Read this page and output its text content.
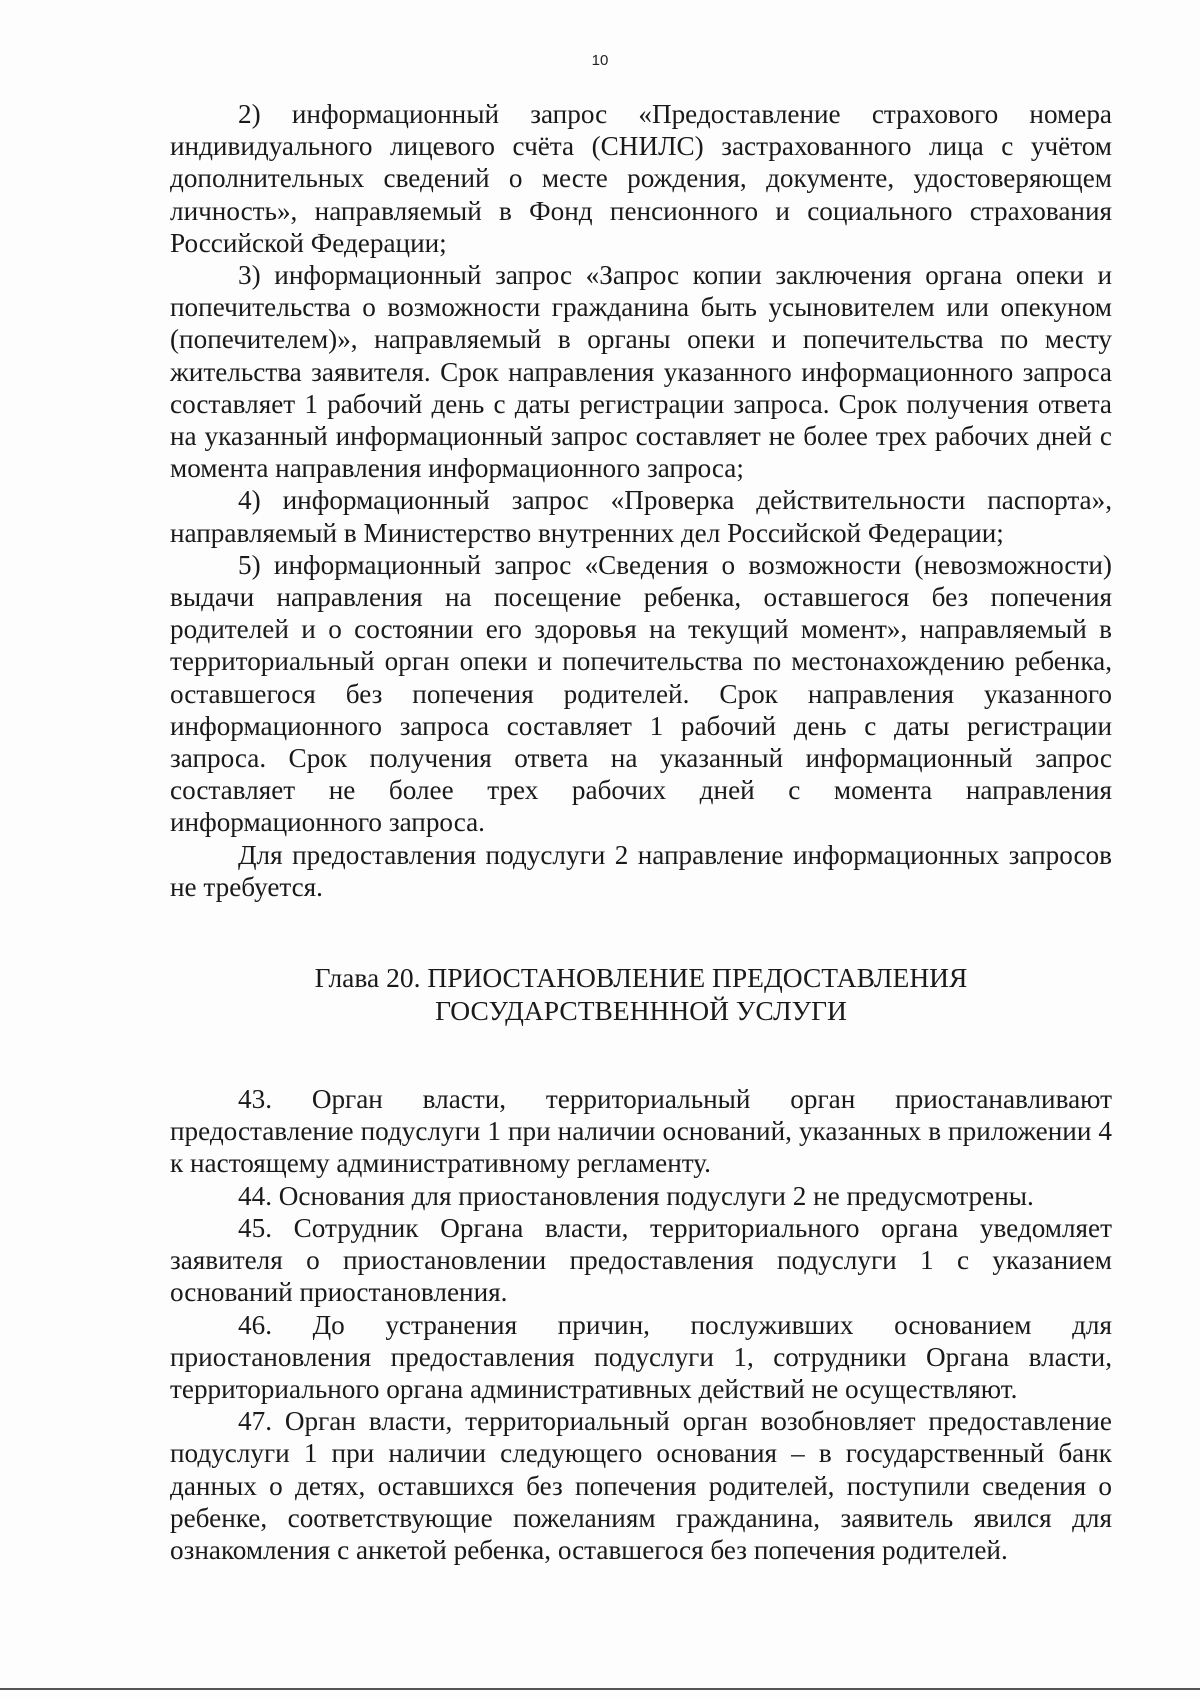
10

2) информационный запрос «Предоставление страхового номера индивидуального лицевого счёта (СНИЛС) застрахованного лица с учётом дополнительных сведений о месте рождения, документе, удостоверяющем личность», направляемый в Фонд пенсионного и социального страхования Российской Федерации;

3) информационный запрос «Запрос копии заключения органа опеки и попечительства о возможности гражданина быть усыновителем или опекуном (попечителем)», направляемый в органы опеки и попечительства по месту жительства заявителя. Срок направления указанного информационного запроса составляет 1 рабочий день с даты регистрации запроса. Срок получения ответа на указанный информационный запрос составляет не более трех рабочих дней с момента направления информационного запроса;

4) информационный запрос «Проверка действительности паспорта», направляемый в Министерство внутренних дел Российской Федерации;

5) информационный запрос «Сведения о возможности (невозможности) выдачи направления на посещение ребенка, оставшегося без попечения родителей и о состоянии его здоровья на текущий момент», направляемый в территориальный орган опеки и попечительства по местонахождению ребенка, оставшегося без попечения родителей. Срок направления указанного информационного запроса составляет 1 рабочий день с даты регистрации запроса. Срок получения ответа на указанный информационный запрос составляет не более трех рабочих дней с момента направления информационного запроса.

Для предоставления подуслуги 2 направление информационных запросов не требуется.

Глава 20. ПРИОСТАНОВЛЕНИЕ ПРЕДОСТАВЛЕНИЯ
ГОСУДАРСТВЕНННОЙ УСЛУГИ

43. Орган власти, территориальный орган приостанавливают предоставление подуслуги 1 при наличии оснований, указанных в приложении 4 к настоящему административному регламенту.

44. Основания для приостановления подуслуги 2 не предусмотрены.

45. Сотрудник Органа власти, территориального органа уведомляет заявителя о приостановлении предоставления подуслуги 1 с указанием оснований приостановления.

46. До устранения причин, послуживших основанием для приостановления предоставления подуслуги 1, сотрудники Органа власти, территориального органа административных действий не осуществляют.

47. Орган власти, территориальный орган возобновляет предоставление подуслуги 1 при наличии следующего основания – в государственный банк данных о детях, оставшихся без попечения родителей, поступили сведения о ребенке, соответствующие пожеланиям гражданина, заявитель явился для ознакомления с анкетой ребенка, оставшегося без попечения родителей.
